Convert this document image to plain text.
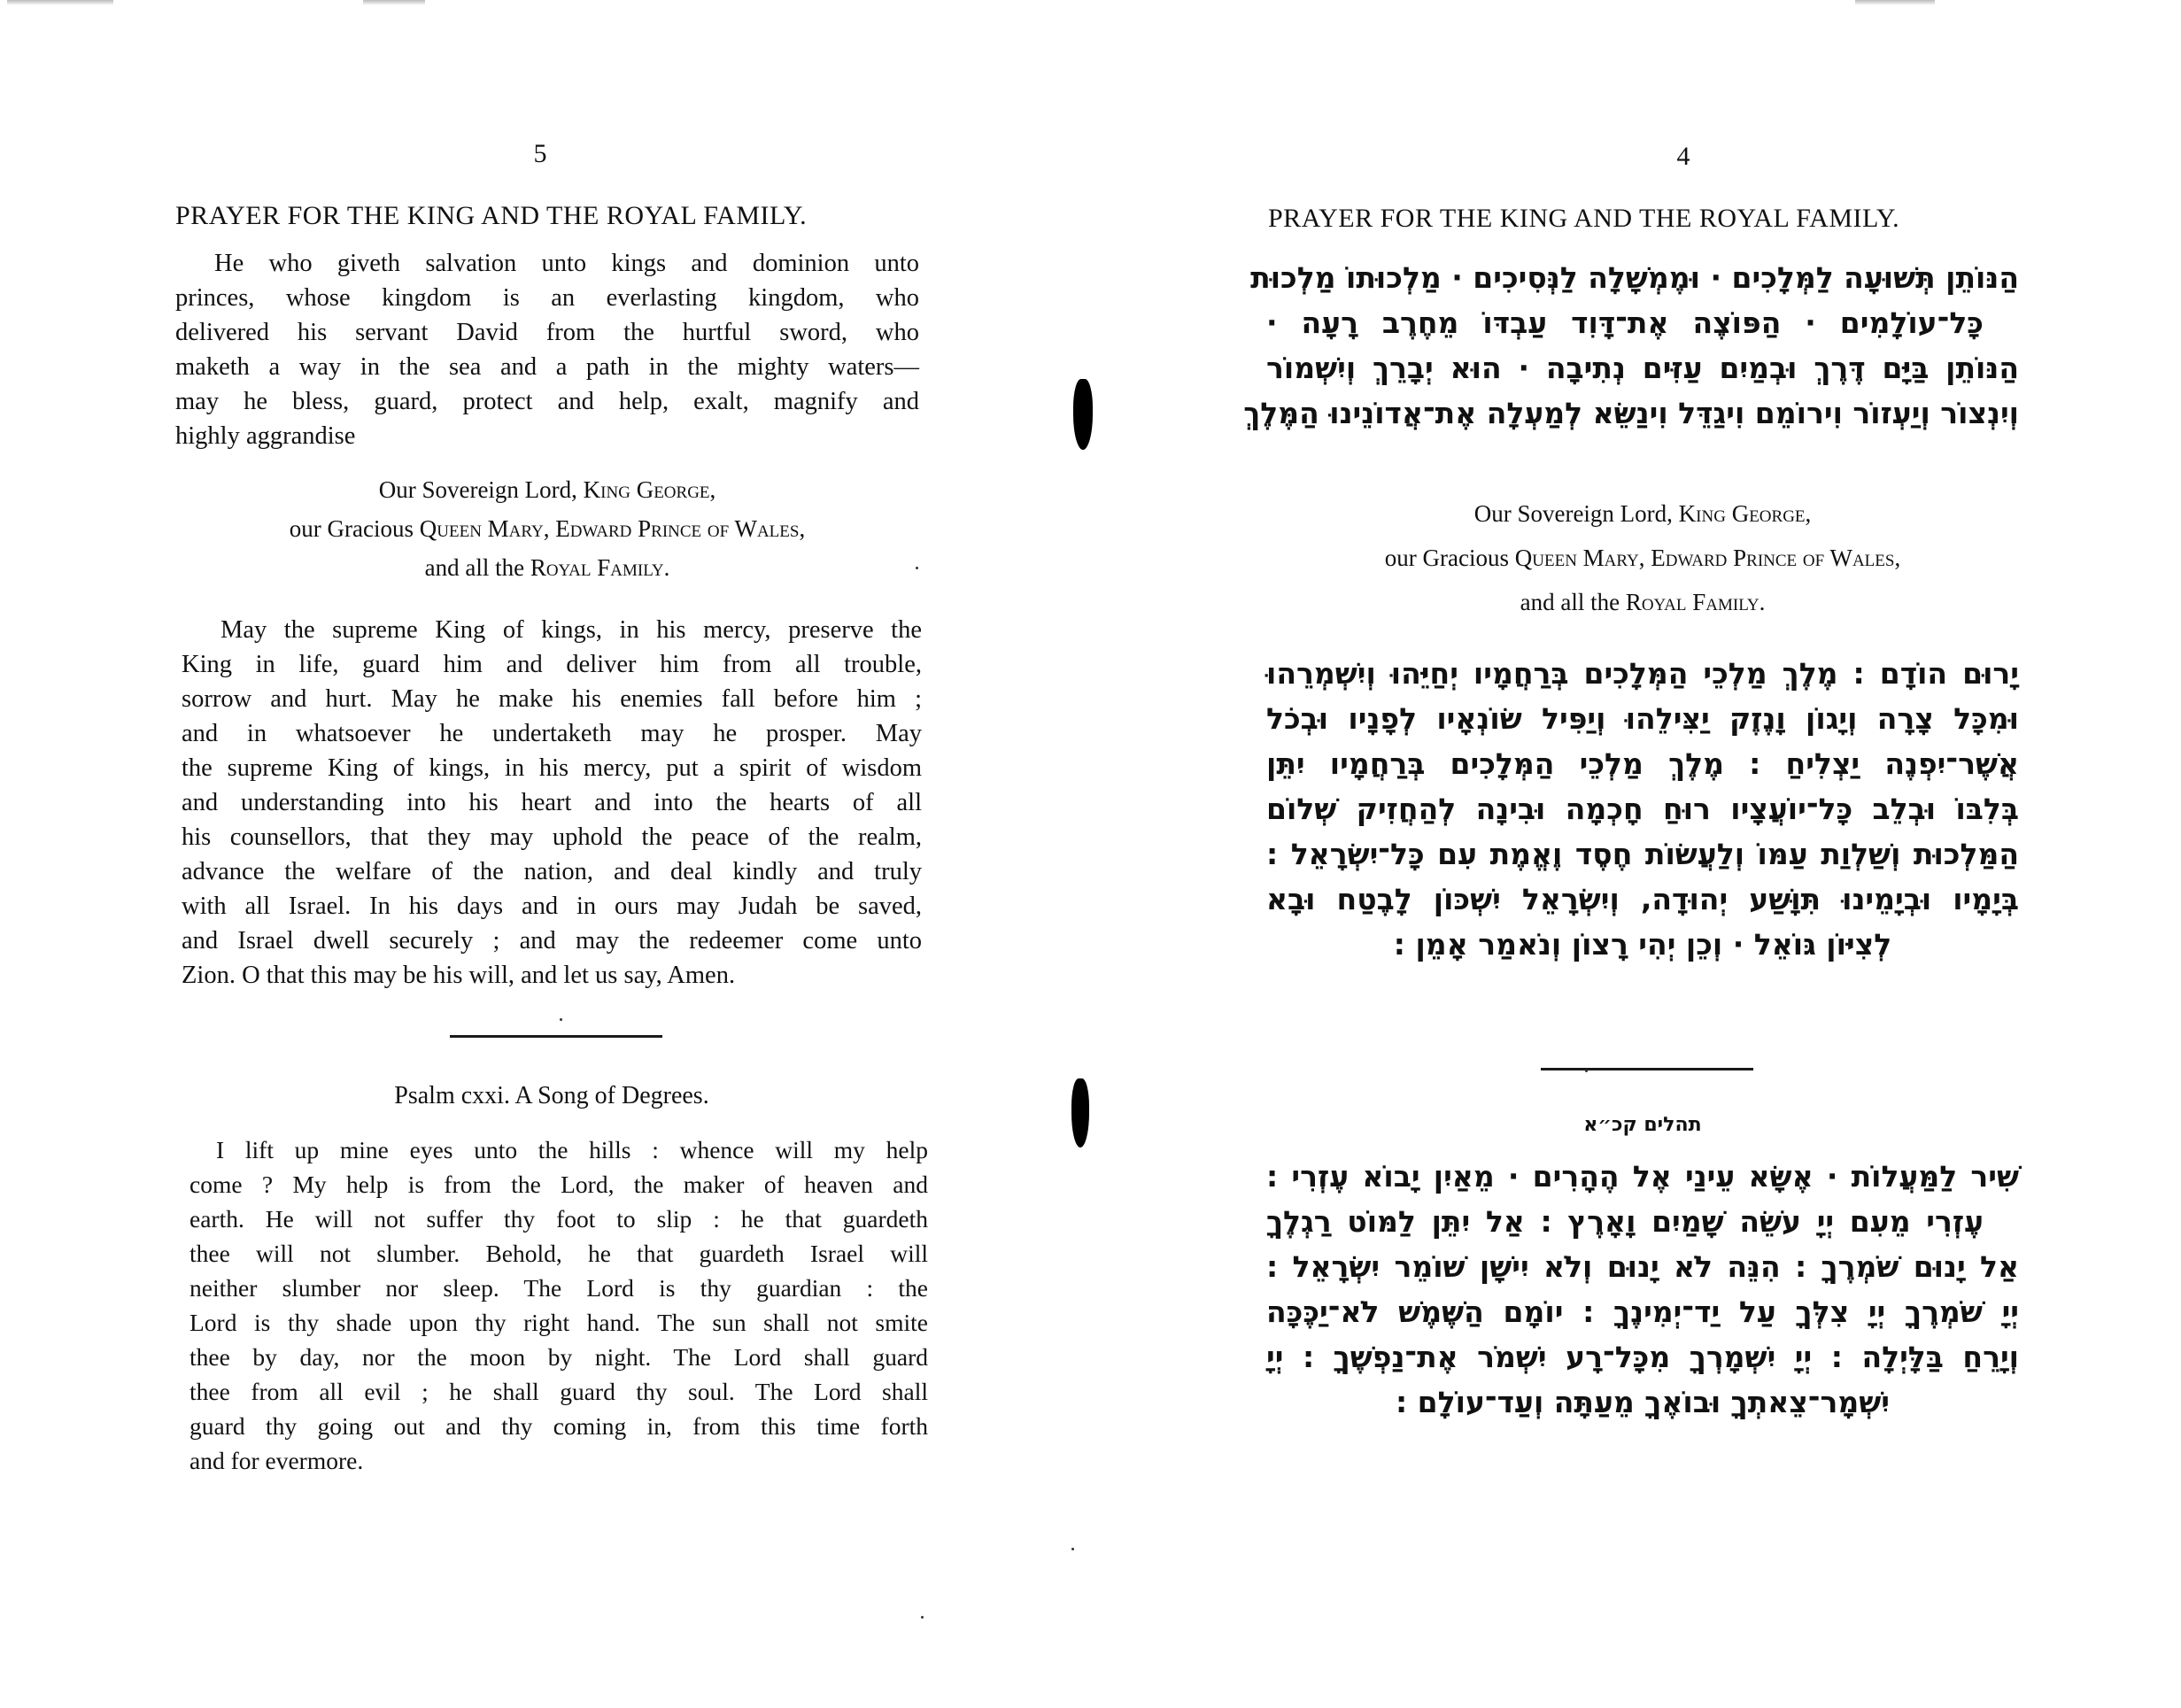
5
PRAYER FOR THE KING AND THE ROYAL FAMILY.
He who giveth salvation unto kings and dominion unto
princes, whose kingdom is an everlasting kingdom, who
delivered his servant David from the hurtful sword, who
maketh a way in the sea and a path in the mighty waters—
may he bless, guard, protect and help, exalt, magnify and
highly aggrandise
Our Sovereign Lord, King George,
our Gracious Queen Mary, Edward Prince of Wales,
and all the Royal Family.
May the supreme King of kings, in his mercy, preserve the
King in life, guard him and deliver him from all trouble,
sorrow and hurt. May he make his enemies fall before him ;
and in whatsoever he undertaketh may he prosper. May
the supreme King of kings, in his mercy, put a spirit of wisdom
and understanding into his heart and into the hearts of all
his counsellors, that they may uphold the peace of the realm,
advance the welfare of the nation, and deal kindly and truly
with all Israel. In his days and in ours may Judah be saved,
and Israel dwell securely ; and may the redeemer come unto
Zion. O that this may be his will, and let us say, Amen.
Psalm cxxi. A Song of Degrees.
I lift up mine eyes unto the hills : whence will my help
come ? My help is from the Lord, the maker of heaven and
earth. He will not suffer thy foot to slip : he that guardeth
thee will not slumber. Behold, he that guardeth Israel will
neither slumber nor sleep. The Lord is thy guardian : the
Lord is thy shade upon thy right hand. The sun shall not smite
thee by day, nor the moon by night. The Lord shall guard
thee from all evil ; he shall guard thy soul. The Lord shall
guard thy going out and thy coming in, from this time forth
and for evermore.
4
PRAYER FOR THE KING AND THE ROYAL FAMILY.
הַנּוֹתֵן תְּשׁוּעָה לַמְּלָכִים · וּמֶמְשָׁלָה לַנְּסִיכִים · מַלְכוּתוֹ מַלְכוּת
כָּל־עוֹלָמִים · הַפּוֹצֶה אֶת־דָּוִד עַבְדּוֹ מֵחֶרֶב רָעָה ·
הַנּוֹתֵן בַּיָּם דֶּרֶךְ וּבְמַיִם עַזִּים נְתִיבָה · הוּא יְבָרֵךְ וְיִשְׁמוֹר
וְיִנְצוֹר וְיַעְזוֹר וִירוֹמֵם וִיגַדֵּל וִינַשֵּׂא לְמַעְלָה אֶת־אֲדוֹנֵינוּ הַמֶּלֶךְ
Our Sovereign Lord, King George,
our Gracious Queen Mary, Edward Prince of Wales,
and all the Royal Family.
יָרוּם הוֹדָם : מֶלֶךְ מַלְכֵי הַמְּלָכִים בְּרַחֲמָיו יְחַיֵּהוּ וְיִשְׁמְרֵהוּ
וּמִכָּל צָרָה וְיָגוֹן וָנֶזֶק יַצִּילֵהוּ וְיַפִּיל שׂוֹנְאָיו לְפָנָיו וּבְכֹל
אֲשֶׁר־יִפְנֶה יַצְלִיחַ : מֶלֶךְ מַלְכֵי הַמְּלָכִים בְּרַחֲמָיו יִתֵּן
בְּלִבּוֹ וּבְלֵב כָּל־יוֹעֲצָיו רוּחַ חָכְמָה וּבִינָה לְהַחֲזִיק שְׁלוֹם
הַמַּלְכוּת וְשַׁלְוַת עַמּוֹ וְלַעֲשׂוֹת חֶסֶד וֶאֱמֶת עִם כָּל־יִשְׂרָאֵל :
בְּיָמָיו וּבְיָמֵינוּ תִּוָּשַׁע יְהוּדָה, וְיִשְׂרָאֵל יִשְׁכּוֹן לָבֶטַח וּבָא
לְצִיּוֹן גּוֹאֵל · וְכֵן יְהִי רָצוֹן וְנֹאמַר אָמֵן :
תהלים קכ״א
שִׁיר לַמַּעֲלוֹת · אֶשָּׂא עֵינַי אֶל הֶהָרִים · מֵאַיִן יָבוֹא עֶזְרִי :
עֶזְרִי מֵעִם יְיָ עֹשֵׂה שָׁמַיִם וָאָרֶץ : אַל יִתֵּן לַמּוֹט רַגְלֶךָ
אַל יָנוּם שֹׁמְרֶךָ : הִנֵּה לֹא יָנוּם וְלֹא יִישָׁן שׁוֹמֵר יִשְׂרָאֵל :
יְיָ שֹׁמְרֶךָ יְיָ צִלְּךָ עַל יַד־יְמִינֶךָ : יוֹמָם הַשֶּׁמֶשׁ לֹא־יַכֶּכָּה
וְיָרֵחַ בַּלָּיְלָה : יְיָ יִשְׁמָרְךָ מִכָּל־רָע יִשְׁמֹר אֶת־נַפְשֶׁךָ : יְיָ
יִשְׁמָר־צֵאתְךָ וּבוֹאֶךָ מֵעַתָּה וְעַד־עוֹלָם :
